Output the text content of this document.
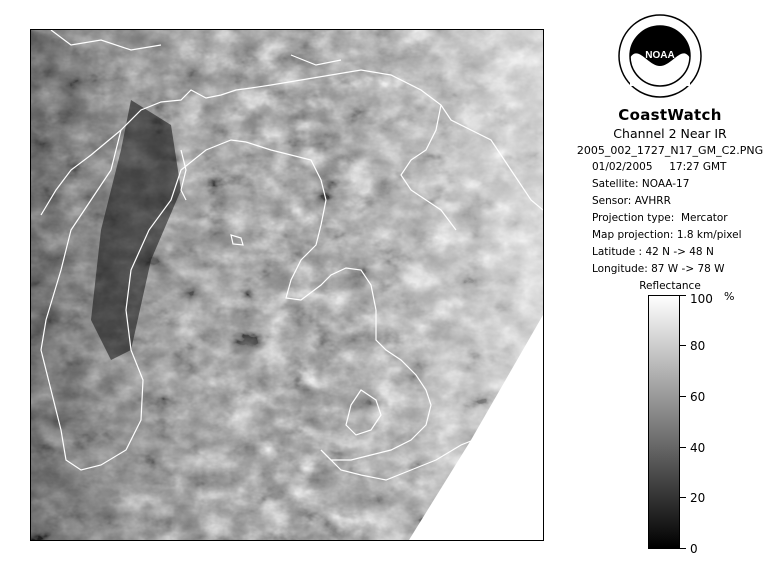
NOAA
CoastWatch
Channel 2 Near IR
2005_002_1727_N17_GM_C2.PNG
01/02/2005 17:27 GMT
Satellite: NOAA-17
Sensor: AVHRR
Projection type: Mercator
Map projection: 1.8 km/pixel
Latitude : 42 N -> 48 N
Longitude: 87 W -> 78 W
Reflectance
%
100
80
60
40
20
0
